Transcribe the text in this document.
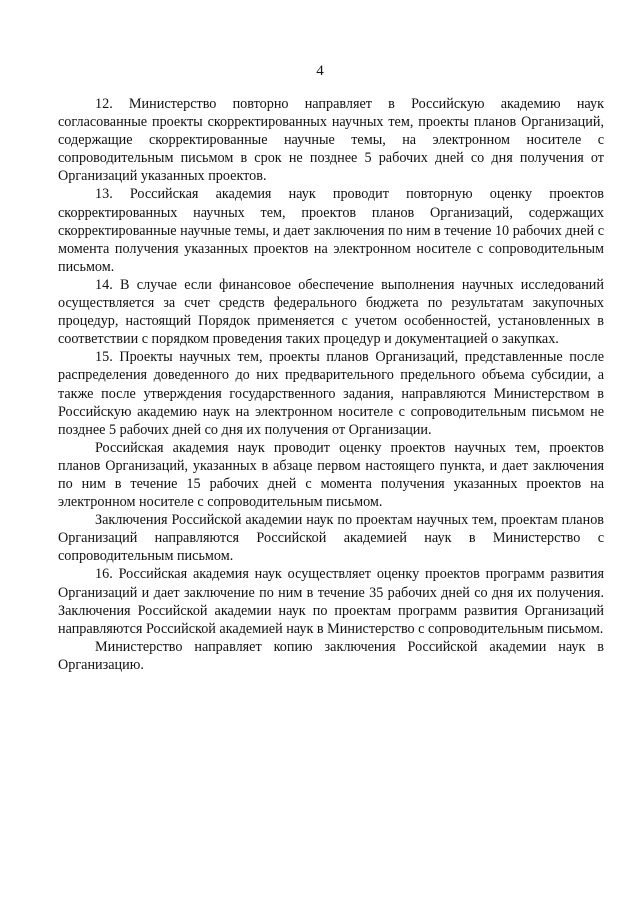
4

12. Министерство повторно направляет в Российскую академию наук согласованные проекты скорректированных научных тем, проекты планов Организаций, содержащие скорректированные научные темы, на электронном носителе с сопроводительным письмом в срок не позднее 5 рабочих дней со дня получения от Организаций указанных проектов.

13. Российская академия наук проводит повторную оценку проектов скорректированных научных тем, проектов планов Организаций, содержащих скорректированные научные темы, и дает заключения по ним в течение 10 рабочих дней с момента получения указанных проектов на электронном носителе с сопроводительным письмом.

14. В случае если финансовое обеспечение выполнения научных исследований осуществляется за счет средств федерального бюджета по результатам закупочных процедур, настоящий Порядок применяется с учетом особенностей, установленных в соответствии с порядком проведения таких процедур и документацией о закупках.

15. Проекты научных тем, проекты планов Организаций, представленные после распределения доведенного до них предварительного предельного объема субсидии, а также после утверждения государственного задания, направляются Министерством в Российскую академию наук на электронном носителе с сопроводительным письмом не позднее 5 рабочих дней со дня их получения от Организации.

Российская академия наук проводит оценку проектов научных тем, проектов планов Организаций, указанных в абзаце первом настоящего пункта, и дает заключения по ним в течение 15 рабочих дней с момента получения указанных проектов на электронном носителе с сопроводительным письмом.

Заключения Российской академии наук по проектам научных тем, проектам планов Организаций направляются Российской академией наук в Министерство с сопроводительным письмом.

16. Российская академия наук осуществляет оценку проектов программ развития Организаций и дает заключение по ним в течение 35 рабочих дней со дня их получения. Заключения Российской академии наук по проектам программ развития Организаций направляются Российской академией наук в Министерство с сопроводительным письмом.

Министерство направляет копию заключения Российской академии наук в Организацию.
